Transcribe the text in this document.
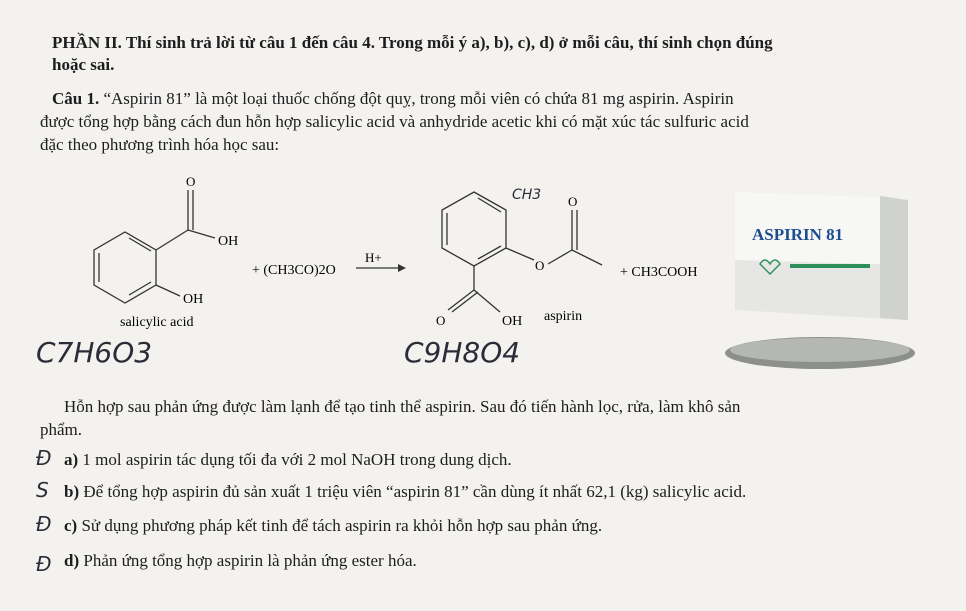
PHẦN II. Thí sinh trả lời từ câu 1 đến câu 4. Trong mỗi ý a), b), c), d) ở mỗi câu, thí sinh chọn đúng

hoặc sai.

Câu 1. “Aspirin 81” là một loại thuốc chống đột quỵ, trong mỗi viên có chứa 81 mg aspirin. Aspirin

được tổng hợp bằng cách đun hỗn hợp salicylic acid và anhydride acetic khi có mặt xúc tác sulfuric acid

đặc theo phương trình hóa học sau:

O
OH
OH
salicylic acid
+ (CH3CO)2O
H+
O
O
O	OH aspirin
+ CH3COOH
ASPIRIN 81
C7H6O3	C9H8O4
CH3

Hỗn hợp sau phản ứng được làm lạnh để tạo tinh thể aspirin. Sau đó tiến hành lọc, rửa, làm khô sản

phẩm.

Đ a) 1 mol aspirin tác dụng tối đa với 2 mol NaOH trong dung dịch.

S b) Để tổng hợp aspirin đủ sản xuất 1 triệu viên “aspirin 81” cần dùng ít nhất 62,1 (kg) salicylic acid.

Đ c) Sử dụng phương pháp kết tinh để tách aspirin ra khỏi hỗn hợp sau phản ứng.

Đ d) Phản ứng tổng hợp aspirin là phản ứng ester hóa.
